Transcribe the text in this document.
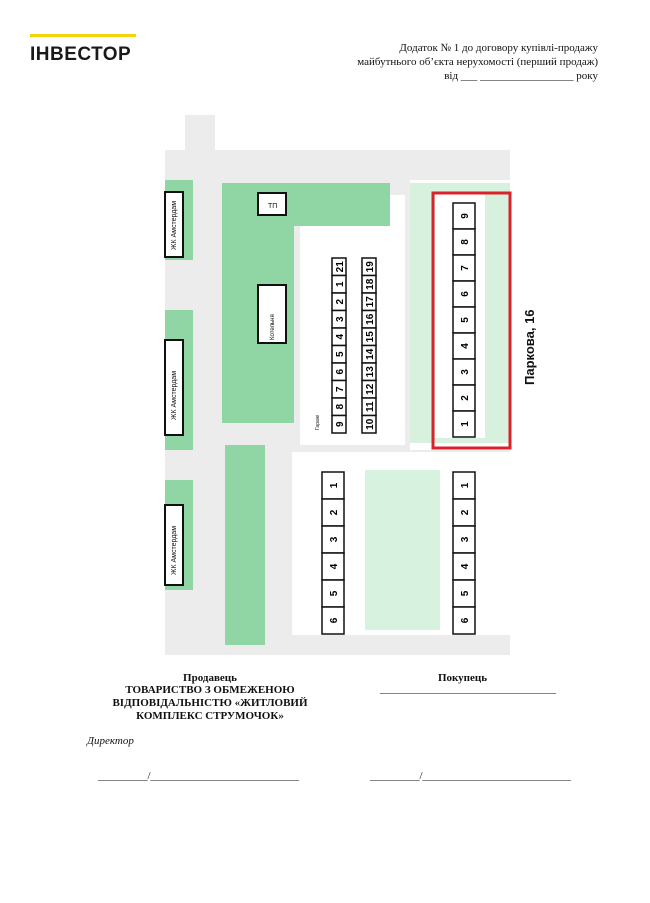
ІНВЕСТОР	Додаток № 1 до договору купівлі-продажу
майбутнього об’єкта нерухомості (перший продаж)
від ___ _________________ року
21
1
2
3
4
5
6
7
8
9
19
18
17
16
15
14
13
12
11
10
9
8
7
6
5
4
3
2
1
1
2
3
4
5
6
1
2
3
4
5
6
ЖК Амстердам
ЖК Амстердам
ЖК Амстердам
Котельня
ТП
Гаражі
Паркова, 16
Продавець
ТОВАРИСТВО З ОБМЕЖЕНОЮ
ВІДПОВІДАЛЬНІСТЮ «ЖИТЛОВИЙ
КОМПЛЕКС СТРУМОЧОК»
Директор
_________/___________________________
Покупець
________________________________
_________/___________________________
